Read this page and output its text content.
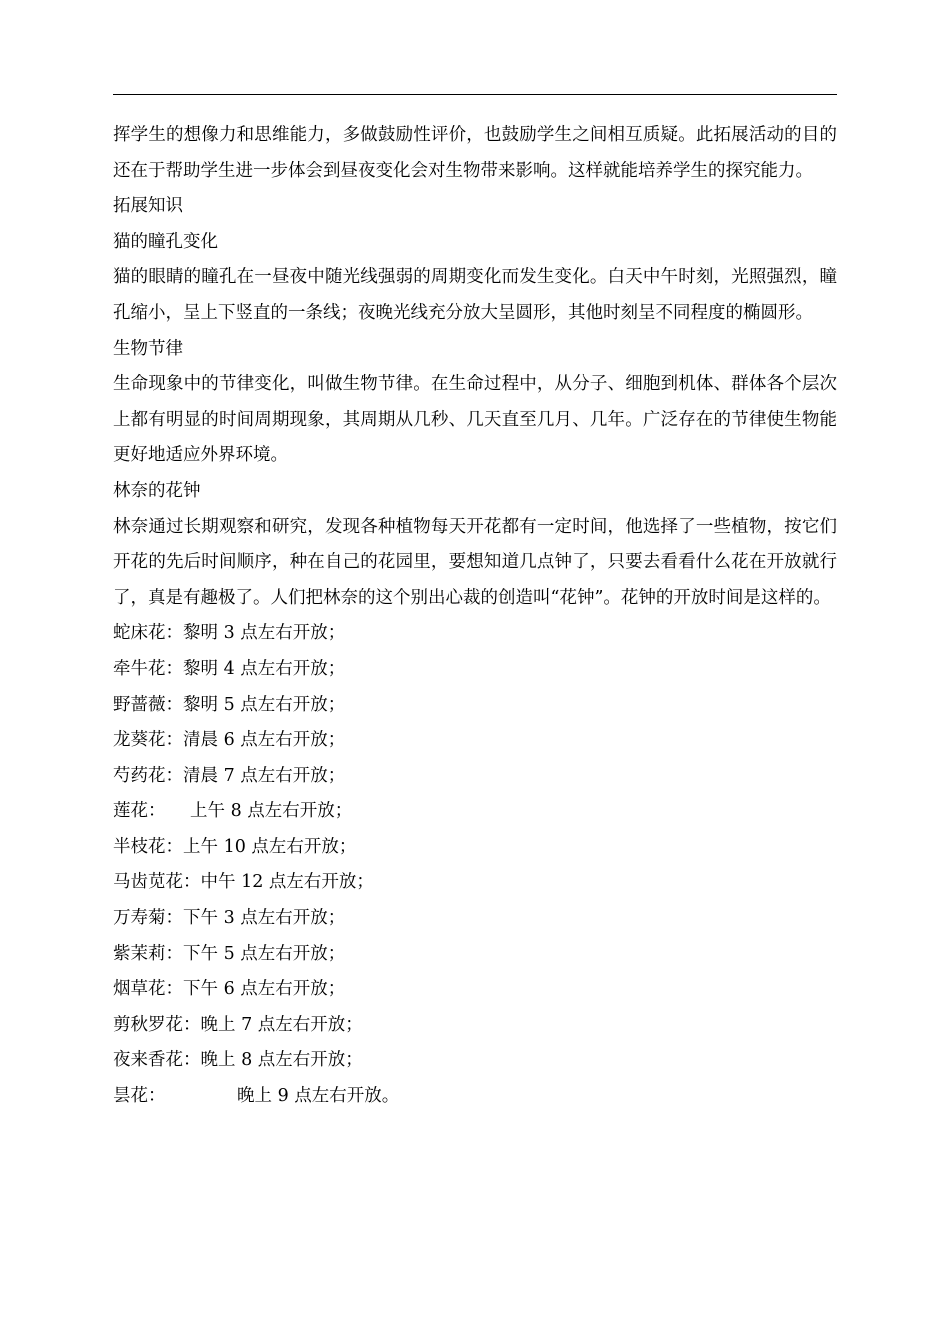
挥学生的想像力和思维能力，多做鼓励性评价，也鼓励学生之间相互质疑。此拓展活动的目的还在于帮助学生进一步体会到昼夜变化会对生物带来影响。这样就能培养学生的探究能力。

拓展知识

猫的瞳孔变化

猫的眼睛的瞳孔在一昼夜中随光线强弱的周期变化而发生变化。白天中午时刻，光照强烈，瞳孔缩小，呈上下竖直的一条线；夜晚光线充分放大呈圆形，其他时刻呈不同程度的椭圆形。

生物节律

生命现象中的节律变化，叫做生物节律。在生命过程中，从分子、细胞到机体、群体各个层次上都有明显的时间周期现象，其周期从几秒、几天直至几月、几年。广泛存在的节律使生物能更好地适应外界环境。

林奈的花钟

林奈通过长期观察和研究，发现各种植物每天开花都有一定时间，他选择了一些植物，按它们开花的先后时间顺序，种在自己的花园里，要想知道几点钟了，只要去看看什么花在开放就行了，真是有趣极了。人们把林奈的这个别出心裁的创造叫“花钟”。花钟的开放时间是这样的。

蛇床花：黎明 3 点左右开放；

牵牛花：黎明 4 点左右开放；

野蔷薇：黎明 5 点左右开放；

龙葵花：清晨 6 点左右开放；

芍药花：清晨 7 点左右开放；

莲花： 上午 8 点左右开放；

半枝花：上午 10 点左右开放；

马齿苋花：中午 12 点左右开放；

万寿菊：下午 3 点左右开放；

紫茉莉：下午 5 点左右开放；

烟草花：下午 6 点左右开放；

剪秋罗花：晚上 7 点左右开放；

夜来香花：晚上 8 点左右开放；

昙花：	晚上 9 点左右开放。
